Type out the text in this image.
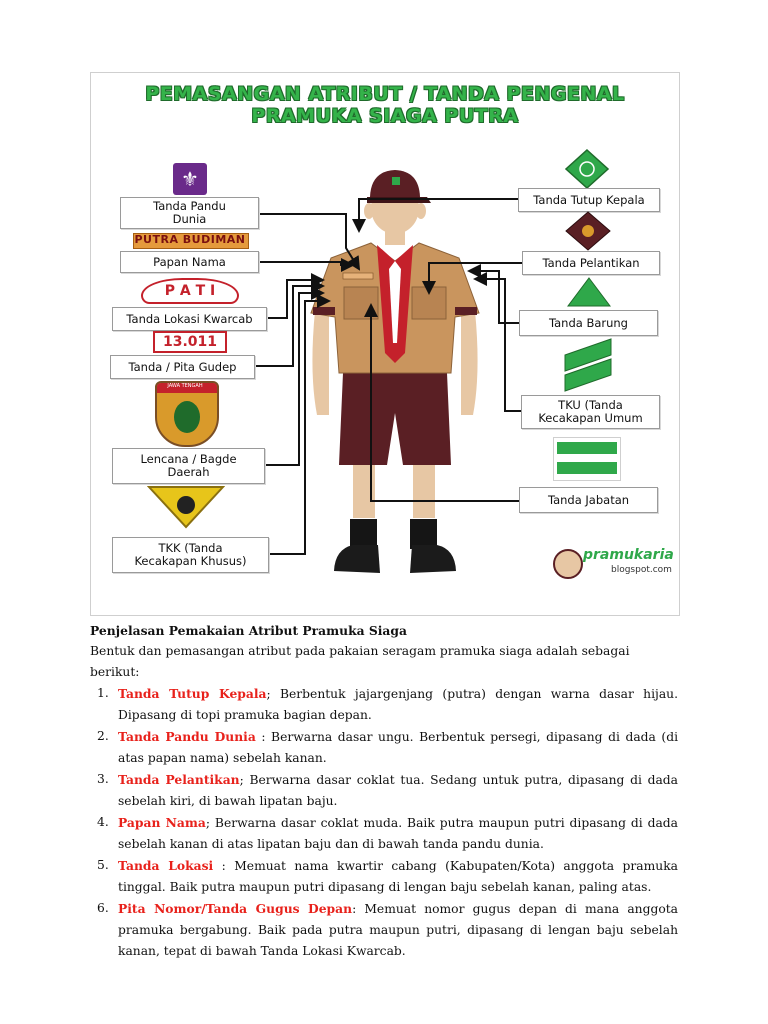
PEMASANGAN ATRIBUT / TANDA PENGENAL
PRAMUKA SIAGA PUTRA
⚜
Tanda Pandu
Dunia
PUTRA BUDIMAN
Papan Nama
P A T I
Tanda Lokasi Kwarcab
13.011
Tanda / Pita Gudep
JAWA TENGAH
Lencana / Bagde
Daerah
TKK (Tanda
Kecakapan Khusus)
Tanda Tutup Kepala
Tanda Pelantikan
Tanda Barung
TKU (Tanda
Kecakapan Umum
Tanda Jabatan
pramukaria
blogspot.com

Penjelasan Pemakaian Atribut Pramuka Siaga

Bentuk dan pemasangan atribut pada pakaian seragam pramuka siaga adalah sebagai berikut:

1. Tanda Tutup Kepala; Berbentuk jajargenjang (putra) dengan warna dasar hijau. Dipasang di topi pramuka bagian depan.
2. Tanda Pandu Dunia : Berwarna dasar ungu. Berbentuk persegi, dipasang di dada (di atas papan nama) sebelah kanan.
3. Tanda Pelantikan; Berwarna dasar coklat tua. Sedang untuk putra, dipasang di dada sebelah kiri, di bawah lipatan baju.
4. Papan Nama; Berwarna dasar coklat muda. Baik putra maupun putri dipasang di dada sebelah kanan di atas lipatan baju dan di bawah tanda pandu dunia.
5. Tanda Lokasi : Memuat nama kwartir cabang (Kabupaten/Kota) anggota pramuka tinggal. Baik putra maupun putri dipasang di lengan baju sebelah kanan, paling atas.
6. Pita Nomor/Tanda Gugus Depan: Memuat nomor gugus depan di mana anggota pramuka bergabung. Baik pada putra maupun putri, dipasang di lengan baju sebelah kanan, tepat di bawah Tanda Lokasi Kwarcab.
